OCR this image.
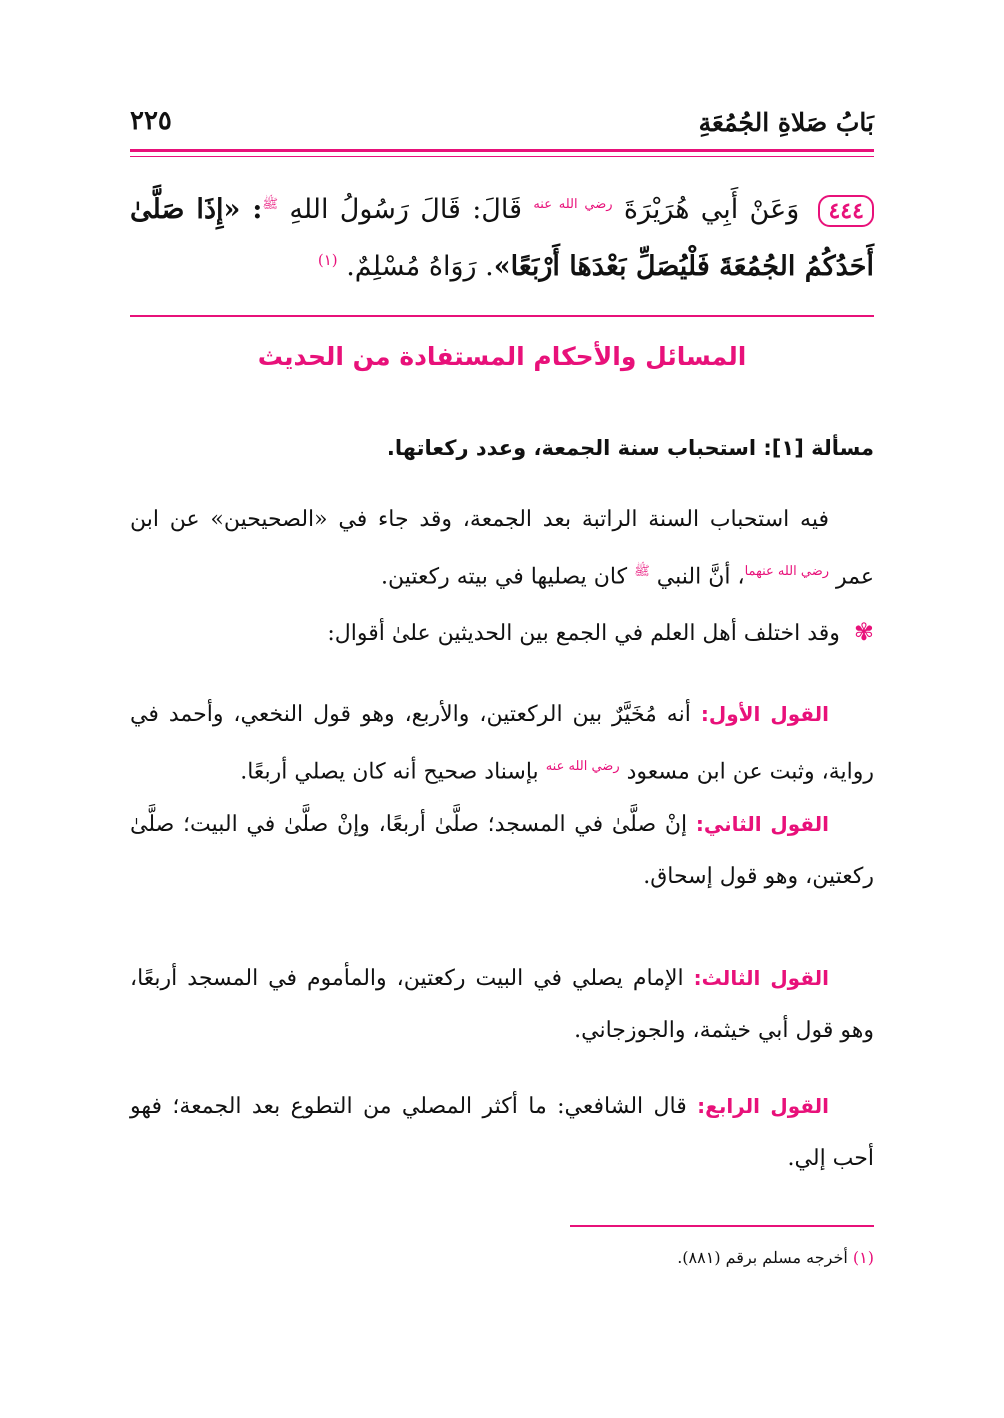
بَابُ صَلاةِ الجُمُعَةِ
٢٢٥
٤٤٤ وَعَنْ أَبِي هُرَيْرَةَ $^{رضي الله عنه}$ قَالَ: قَالَ رَسُولُ اللهِ $^ﷺ$: «إِذَا صَلَّىٰ أَحَدُكُمُ الجُمُعَةَ فَلْيُصَلِّ بَعْدَهَا أَرْبَعًا». رَوَاهُ مُسْلِمٌ. $^{(١)}$
المسائل والأحكام المستفادة من الحديث
مسألة [١]: استحباب سنة الجمعة، وعدد ركعاتها.
فيه استحباب السنة الراتبة بعد الجمعة، وقد جاء في «الصحيحين» عن ابن عمر $^{رضي الله عنهما}$، أنَّ النبي $^ﷺ$ كان يصليها في بيته ركعتين.
✾وقد اختلف أهل العلم في الجمع بين الحديثين علىٰ أقوال:
القول الأول: أنه مُخَيَّرٌ بين الركعتين، والأربع، وهو قول النخعي، وأحمد في رواية، وثبت عن ابن مسعود $^{رضي الله عنه}$ بإسناد صحيح أنه كان يصلي أربعًا.
القول الثاني: إنْ صلَّىٰ في المسجد؛ صلَّىٰ أربعًا، وإنْ صلَّىٰ في البيت؛ صلَّىٰ ركعتين، وهو قول إسحاق.
القول الثالث: الإمام يصلي في البيت ركعتين، والمأموم في المسجد أربعًا، وهو قول أبي خيثمة، والجوزجاني.
القول الرابع: قال الشافعي: ما أكثر المصلي من التطوع بعد الجمعة؛ فهو أحب إلي.
(١) أخرجه مسلم برقم (٨٨١).
